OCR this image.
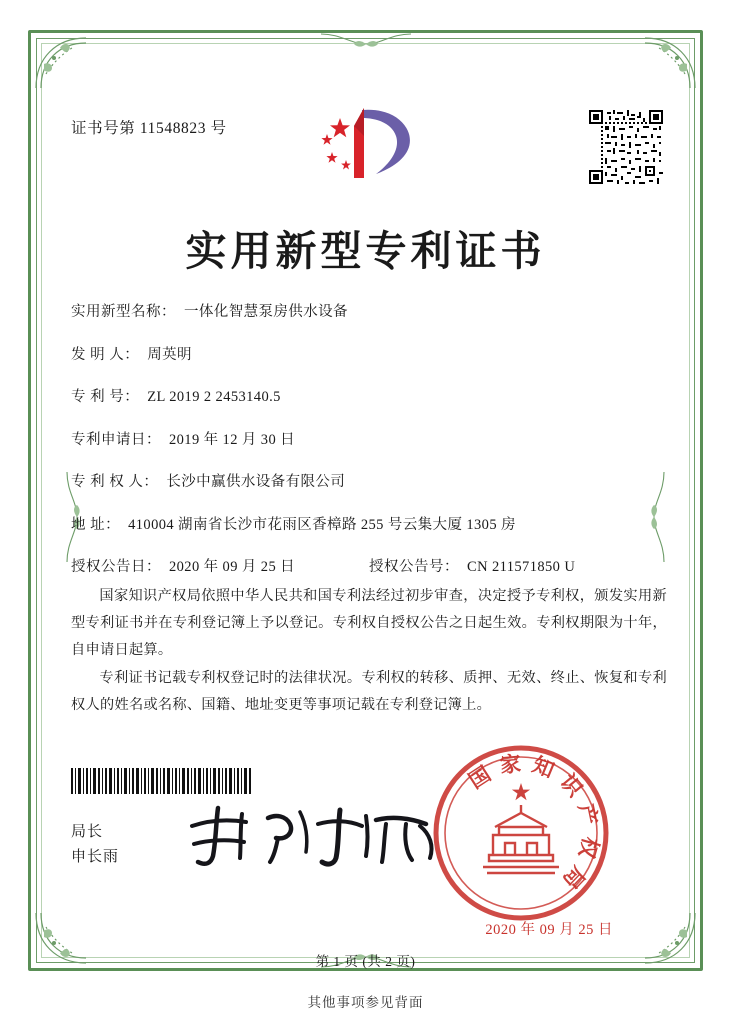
证书号第 11548823 号
实用新型专利证书
实用新型名称： 一体化智慧泵房供水设备
发 明 人： 周英明
专 利 号： ZL 2019 2 2453140.5
专利申请日： 2019 年 12 月 30 日
专 利 权 人： 长沙中赢供水设备有限公司
地 址： 410004 湖南省长沙市花雨区香樟路 255 号云集大厦 1305 房
授权公告日： 2020 年 09 月 25 日	授权公告号： CN 211571850 U

国家知识产权局依照中华人民共和国专利法经过初步审查，决定授予专利权，颁发实用新型专利证书并在专利登记簿上予以登记。专利权自授权公告之日起生效。专利权期限为十年，自申请日起算。

专利证书记载专利权登记时的法律状况。专利权的转移、质押、无效、终止、恢复和专利权人的姓名或名称、国籍、地址变更等事项记载在专利登记簿上。

局长
申长雨
国家知识产权局
2020 年 09 月 25 日
第 1 页 (共 2 页)
其他事项参见背面
